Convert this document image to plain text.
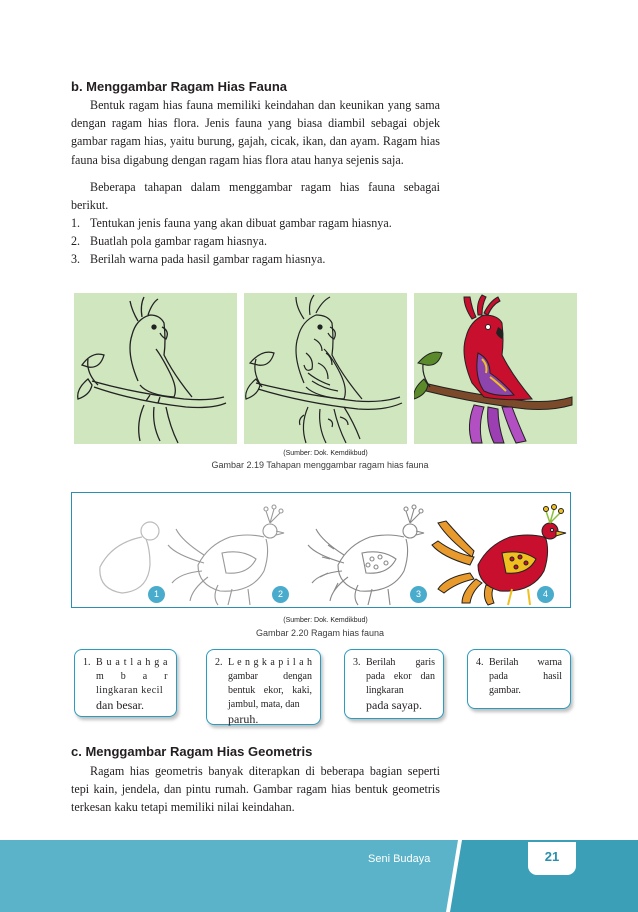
b. Menggambar Ragam Hias Fauna

Bentuk ragam hias fauna memiliki keindahan dan keunikan yang sama dengan ragam hias flora. Jenis fauna yang biasa diambil sebagai objek gambar ragam hias, yaitu burung, gajah, cicak, ikan, dan ayam. Ragam hias fauna bisa digabung dengan ragam hias flora atau hanya sejenis saja.

Beberapa tahapan dalam menggambar ragam hias fauna sebagai berikut.

1. Tentukan jenis fauna yang akan dibuat gambar ragam hiasnya.
2. Buatlah pola gambar ragam hiasnya.
3. Berilah warna pada hasil gambar ragam hiasnya.
(Sumber: Dok. Kemdikbud)
Gambar 2.19 Tahapan menggambar ragam hias fauna
1	2	3	4
(Sumber: Dok. Kemdikbud)
Gambar 2.20 Ragam hias fauna
1. B u a t l a h g a m b a r lingkaran kecil
dan besar.
2. L e n g k a p i l a h gambar dengan bentuk ekor, kaki, jambul, mata, dan
paruh.
3. Berilah garis pada ekor dan lingkaran
pada sayap.
4. Berilah warna pada hasil gambar.
c. Menggambar Ragam Hias Geometris

Ragam hias geometris banyak diterapkan di beberapa bagian seperti tepi kain, jendela, dan pintu rumah. Gambar ragam hias bentuk geometris terkesan kaku tetapi memiliki nilai keindahan.

Seni Budaya	21
